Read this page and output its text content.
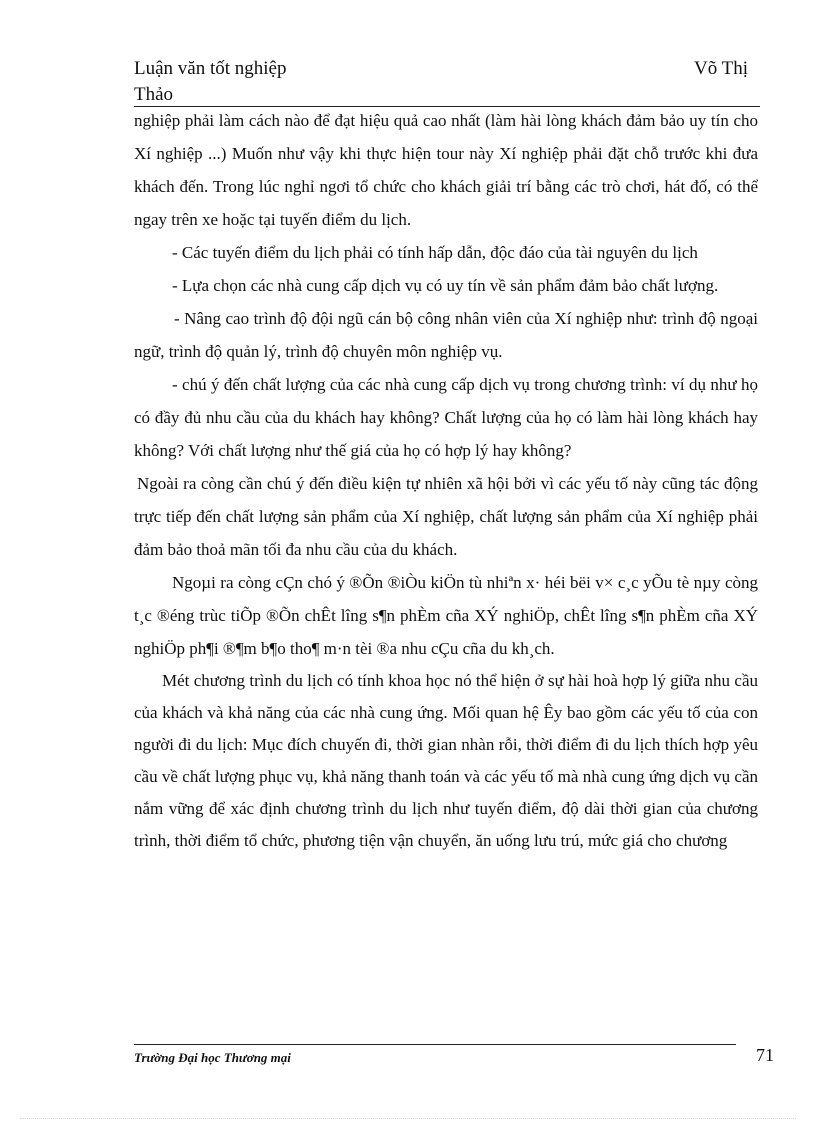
Luận văn tốt nghiệp
Thảo
Võ Thị

nghiệp phải làm cách nào để đạt hiệu quả cao nhất (làm hài lòng khách đảm bảo uy tín cho Xí nghiệp ...) Muốn như vậy khi thực hiện tour này Xí nghiệp phải đặt chỗ trước khi đưa khách đến. Trong lúc nghỉ ngơi tổ chức cho khách giải trí bằng các trò chơi, hát đố, có thể ngay trên xe hoặc tại tuyến điểm du lịch.

- Các tuyến điểm du lịch phải có tính hấp dẫn, độc đáo của tài nguyên du lịch

- Lựa chọn các nhà cung cấp dịch vụ có uy tín về sản phẩm đảm bảo chất lượng.

- Nâng cao trình độ đội ngũ cán bộ công nhân viên của Xí nghiệp như: trình độ ngoại ngữ, trình độ quản lý, trình độ chuyên môn nghiệp vụ.

- chú ý đến chất lượng của các nhà cung cấp dịch vụ trong chương trình: ví dụ như họ có đầy đủ nhu cầu của du khách hay không? Chất lượng của họ có làm hài lòng khách hay không? Với chất lượng như thế giá của họ có hợp lý hay không?

Ngoài ra còng cần chú ý đến điều kiện tự nhiên xã hội bởi vì các yếu tố này cũng tác động trực tiếp đến chất lượng sản phẩm của Xí nghiệp, chất lượng sản phẩm của Xí nghiệp phải đảm bảo thoả mãn tối đa nhu cầu của du khách.

Ngoµi ra còng cÇn chó ý ®Õn ®iÒu kiÖn tù nhiªn x· héi bëi v× c¸c yÕu tè nµy còng t¸c ®éng trùc tiÕp ®Õn chÊt lîng s¶n phÈm cña XÝ nghiÖp, chÊt lîng s¶n phÈm cña XÝ nghiÖp ph¶i ®¶m b¶o tho¶ m·n tèi ®a nhu cÇu cña du kh¸ch.

Mét chương trình du lịch có tính khoa học nó thể hiện ở sự hài hoà hợp lý giữa nhu cầu của khách và khả năng của các nhà cung ứng. Mối quan hệ Êy bao gồm các yếu tố của con người đi du lịch: Mục đích chuyến đi, thời gian nhàn rỗi, thời điểm đi du lịch thích hợp yêu cầu về chất lượng phục vụ, khả năng thanh toán và các yếu tố mà nhà cung ứng dịch vụ cần nắm vững để xác định chương trình du lịch như tuyến điểm, độ dài thời gian của chương trình, thời điểm tổ chức, phương tiện vận chuyển, ăn uống lưu trú, mức giá cho chương

Trường Đại học Thương mại	71
